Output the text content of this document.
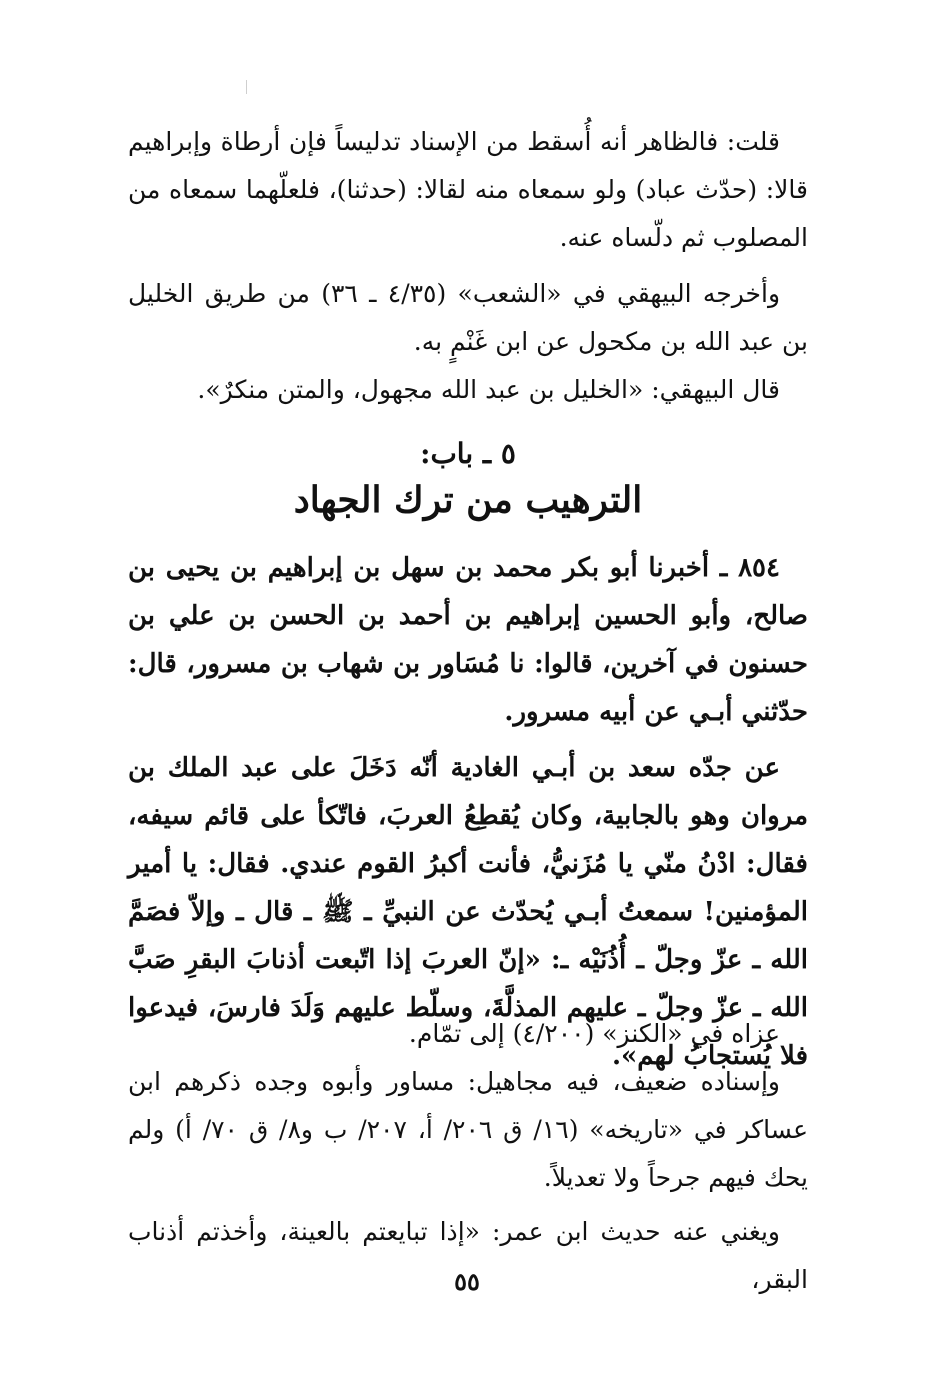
قلت: فالظاهر أنه أُسقط من الإسناد تدليساً فإن أرطاة وإبراهيم قالا: (حدّث عباد) ولو سمعاه منه لقالا: (حدثنا)، فلعلّهما سمعاه من المصلوب ثم دلّساه عنه.

وأخرجه البيهقي في «الشعب» (٤/٣٥ ـ ٣٦) من طريق الخليل بن عبد الله بن مكحول عن ابن غَنْمٍ به.

قال البيهقي: «الخليل بن عبد الله مجهول، والمتن منكرٌ».

٥ ـ باب:
الترهيب من ترك الجهاد

٨٥٤ ـ أخبرنا أبو بكر محمد بن سهل بن إبراهيم بن يحيى بن صالح، وأبو الحسين إبراهيم بن أحمد بن الحسن بن علي بن حسنون في آخرين، قالوا: نا مُسَاور بن شهاب بن مسرور، قال: حدّثني أبـي عن أبيه مسرور.

عن جدّه سعد بن أبـي الغادية أنّه دَخَلَ على عبد الملك بن مروان وهو بالجابية، وكان يُقطِعُ العربَ، فاتّكأ على قائم سيفه، فقال: ادْنُ منّي يا مُزَنيُّ، فأنت أكبرُ القوم عندي. فقال: يا أمير المؤمنين! سمعتُ أبـي يُحدّث عن النبيِّ ـ ﷺ ـ قال ـ وإلاّ فصَمَّ الله ـ عزّ وجلّ ـ أُذُنَيْه ـ: «إنّ العربَ إذا اتّبعت أذنابَ البقرِ صَبَّ الله ـ عزّ وجلّ ـ عليهم المذلَّةَ، وسلّط عليهم وَلَدَ فارسَ، فيدعوا فلا يُستجابُ لهم».

عزاه في «الكنز» (٤/٢٠٠) إلى تمّام.

وإسناده ضعيف، فيه مجاهيل: مساور وأبوه وجده ذكرهم ابن عساكر في «تاريخه» (١٦/ ق ٢٠٦/ أ، ٢٠٧/ ب و٨/ ق ٧٠/ أ) ولم يحك فيهم جرحاً ولا تعديلاً.

ويغني عنه حديث ابن عمر: «إذا تبايعتم بالعينة، وأخذتم أذناب البقر،

٥٥
